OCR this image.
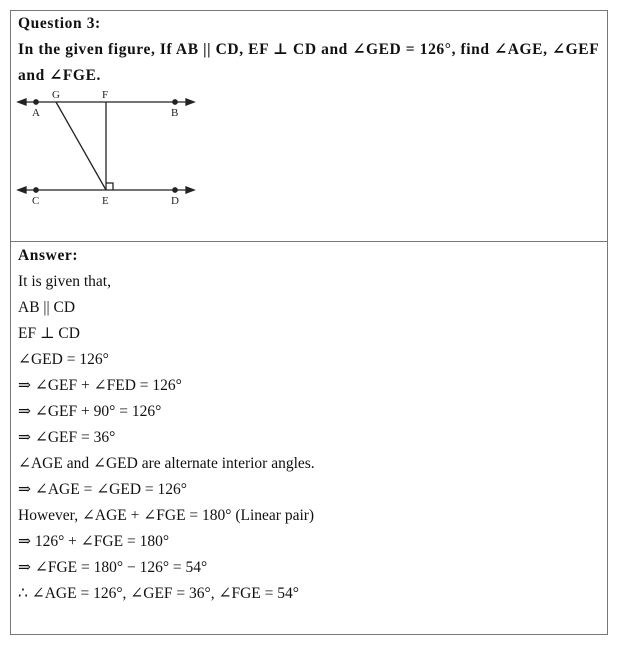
Question 3:
In the given figure, If AB || CD, EF ⊥ CD and ∠GED = 126°, find ∠AGE, ∠GEF
and ∠FGE.
A	B
G	F
C	E	D
Answer:
It is given that,
AB || CD
EF ⊥ CD
∠GED = 126°
⇒ ∠GEF + ∠FED = 126°
⇒ ∠GEF + 90° = 126°
⇒ ∠GEF = 36°
∠AGE and ∠GED are alternate interior angles.
⇒ ∠AGE = ∠GED = 126°
However, ∠AGE + ∠FGE = 180° (Linear pair)
⇒ 126° + ∠FGE = 180°
⇒ ∠FGE = 180° − 126° = 54°
∴ ∠AGE = 126°, ∠GEF = 36°, ∠FGE = 54°
